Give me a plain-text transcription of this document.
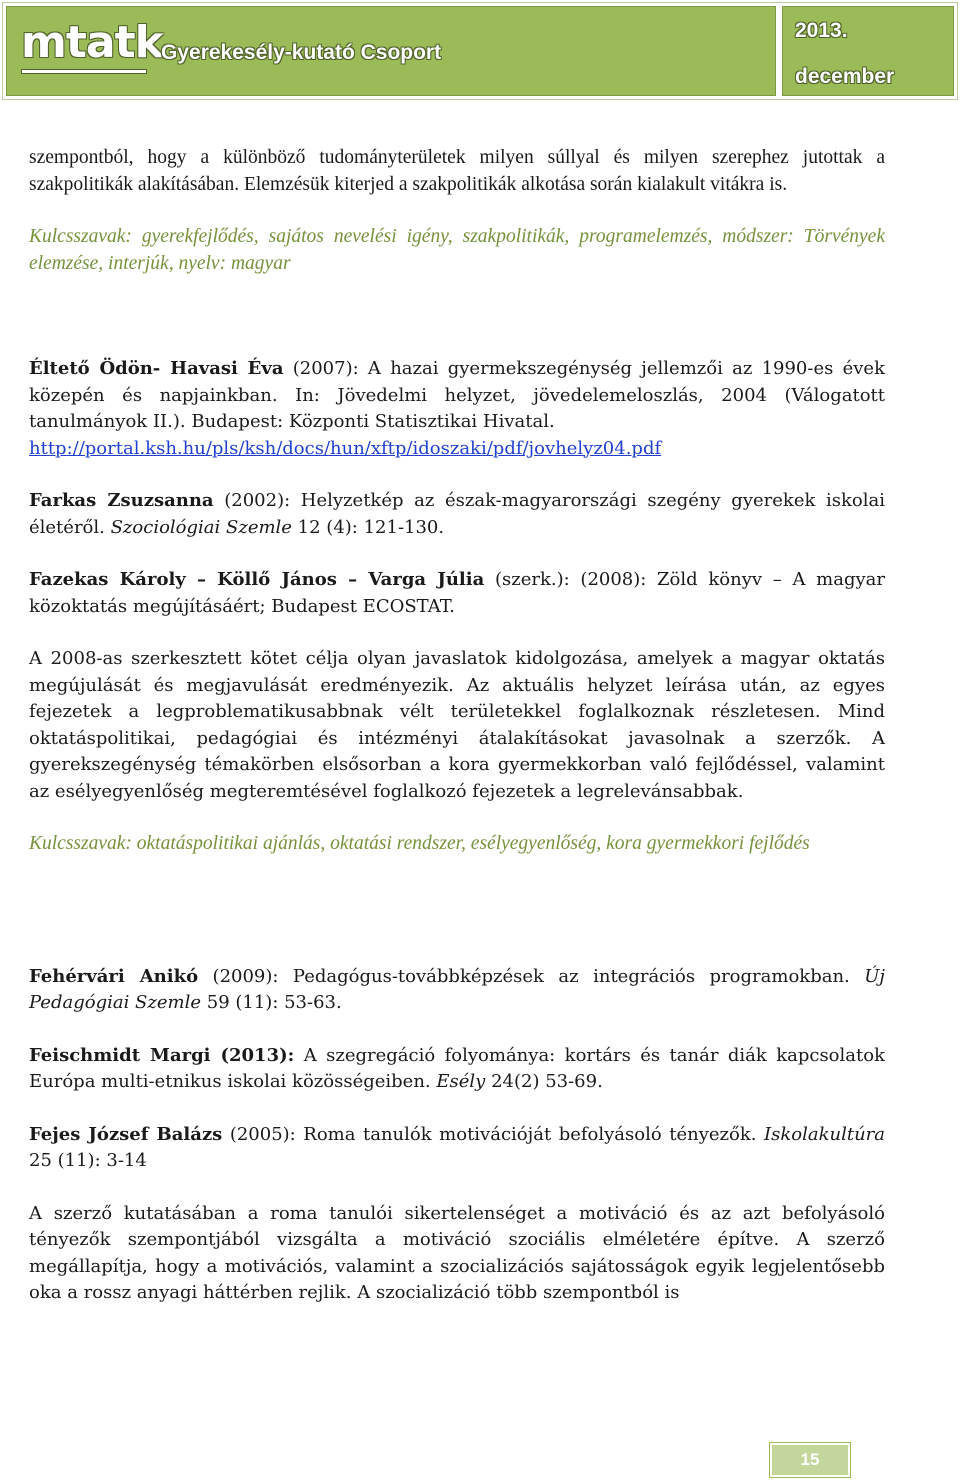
mtatk
Gyerekesély-kutató Csoport
2013.
december

szempontból, hogy a különböző tudományterületek milyen súllyal és milyen szerephez jutottak a szakpolitikák alakításában. Elemzésük kiterjed a szakpolitikák alkotása során kialakult vitákra is.

Kulcsszavak: gyerekfejlődés, sajátos nevelési igény, szakpolitikák, programelemzés, módszer: Törvények elemzése, interjúk, nyelv: magyar

Éltető Ödön- Havasi Éva (2007): A hazai gyermekszegénység jellemzői az 1990-es évek közepén és napjainkban. In: Jövedelmi helyzet, jövedelemeloszlás, 2004 (Válogatott tanulmányok II.). Budapest: Központi Statisztikai Hivatal.
http://portal.ksh.hu/pls/ksh/docs/hun/xftp/idoszaki/pdf/jovhelyz04.pdf

Farkas Zsuzsanna (2002): Helyzetkép az észak-magyarországi szegény gyerekek iskolai életéről. Szociológiai Szemle 12 (4): 121-130.

Fazekas Károly – Köllő János – Varga Júlia (szerk.): (2008): Zöld könyv – A magyar közoktatás megújításáért; Budapest ECOSTAT.

A 2008-as szerkesztett kötet célja olyan javaslatok kidolgozása, amelyek a magyar oktatás megújulását és megjavulását eredményezik. Az aktuális helyzet leírása után, az egyes fejezetek a legproblematikusabbnak vélt területekkel foglalkoznak részletesen. Mind oktatáspolitikai, pedagógiai és intézményi átalakításokat javasolnak a szerzők. A gyerekszegénység témakörben elsősorban a kora gyermekkorban való fejlődéssel, valamint az esélyegyenlőség megteremtésével foglalkozó fejezetek a legrelevánsabbak.

Kulcsszavak: oktatáspolitikai ajánlás, oktatási rendszer, esélyegyenlőség, kora gyermekkori fejlődés

Fehérvári Anikó (2009): Pedagógus-továbbképzések az integrációs programokban. Új Pedagógiai Szemle 59 (11): 53-63.

Feischmidt Margi (2013): A szegregáció folyománya: kortárs és tanár diák kapcsolatok Európa multi-etnikus iskolai közösségeiben. Esély 24(2) 53-69.

Fejes József Balázs (2005): Roma tanulók motivációját befolyásoló tényezők. Iskolakultúra 25 (11): 3-14

A szerző kutatásában a roma tanulói sikertelenséget a motiváció és az azt befolyásoló tényezők szempontjából vizsgálta a motiváció szociális elméletére építve. A szerző megállapítja, hogy a motivációs, valamint a szocializációs sajátosságok egyik legjelentősebb oka a rossz anyagi háttérben rejlik. A szocializáció több szempontból is

15
